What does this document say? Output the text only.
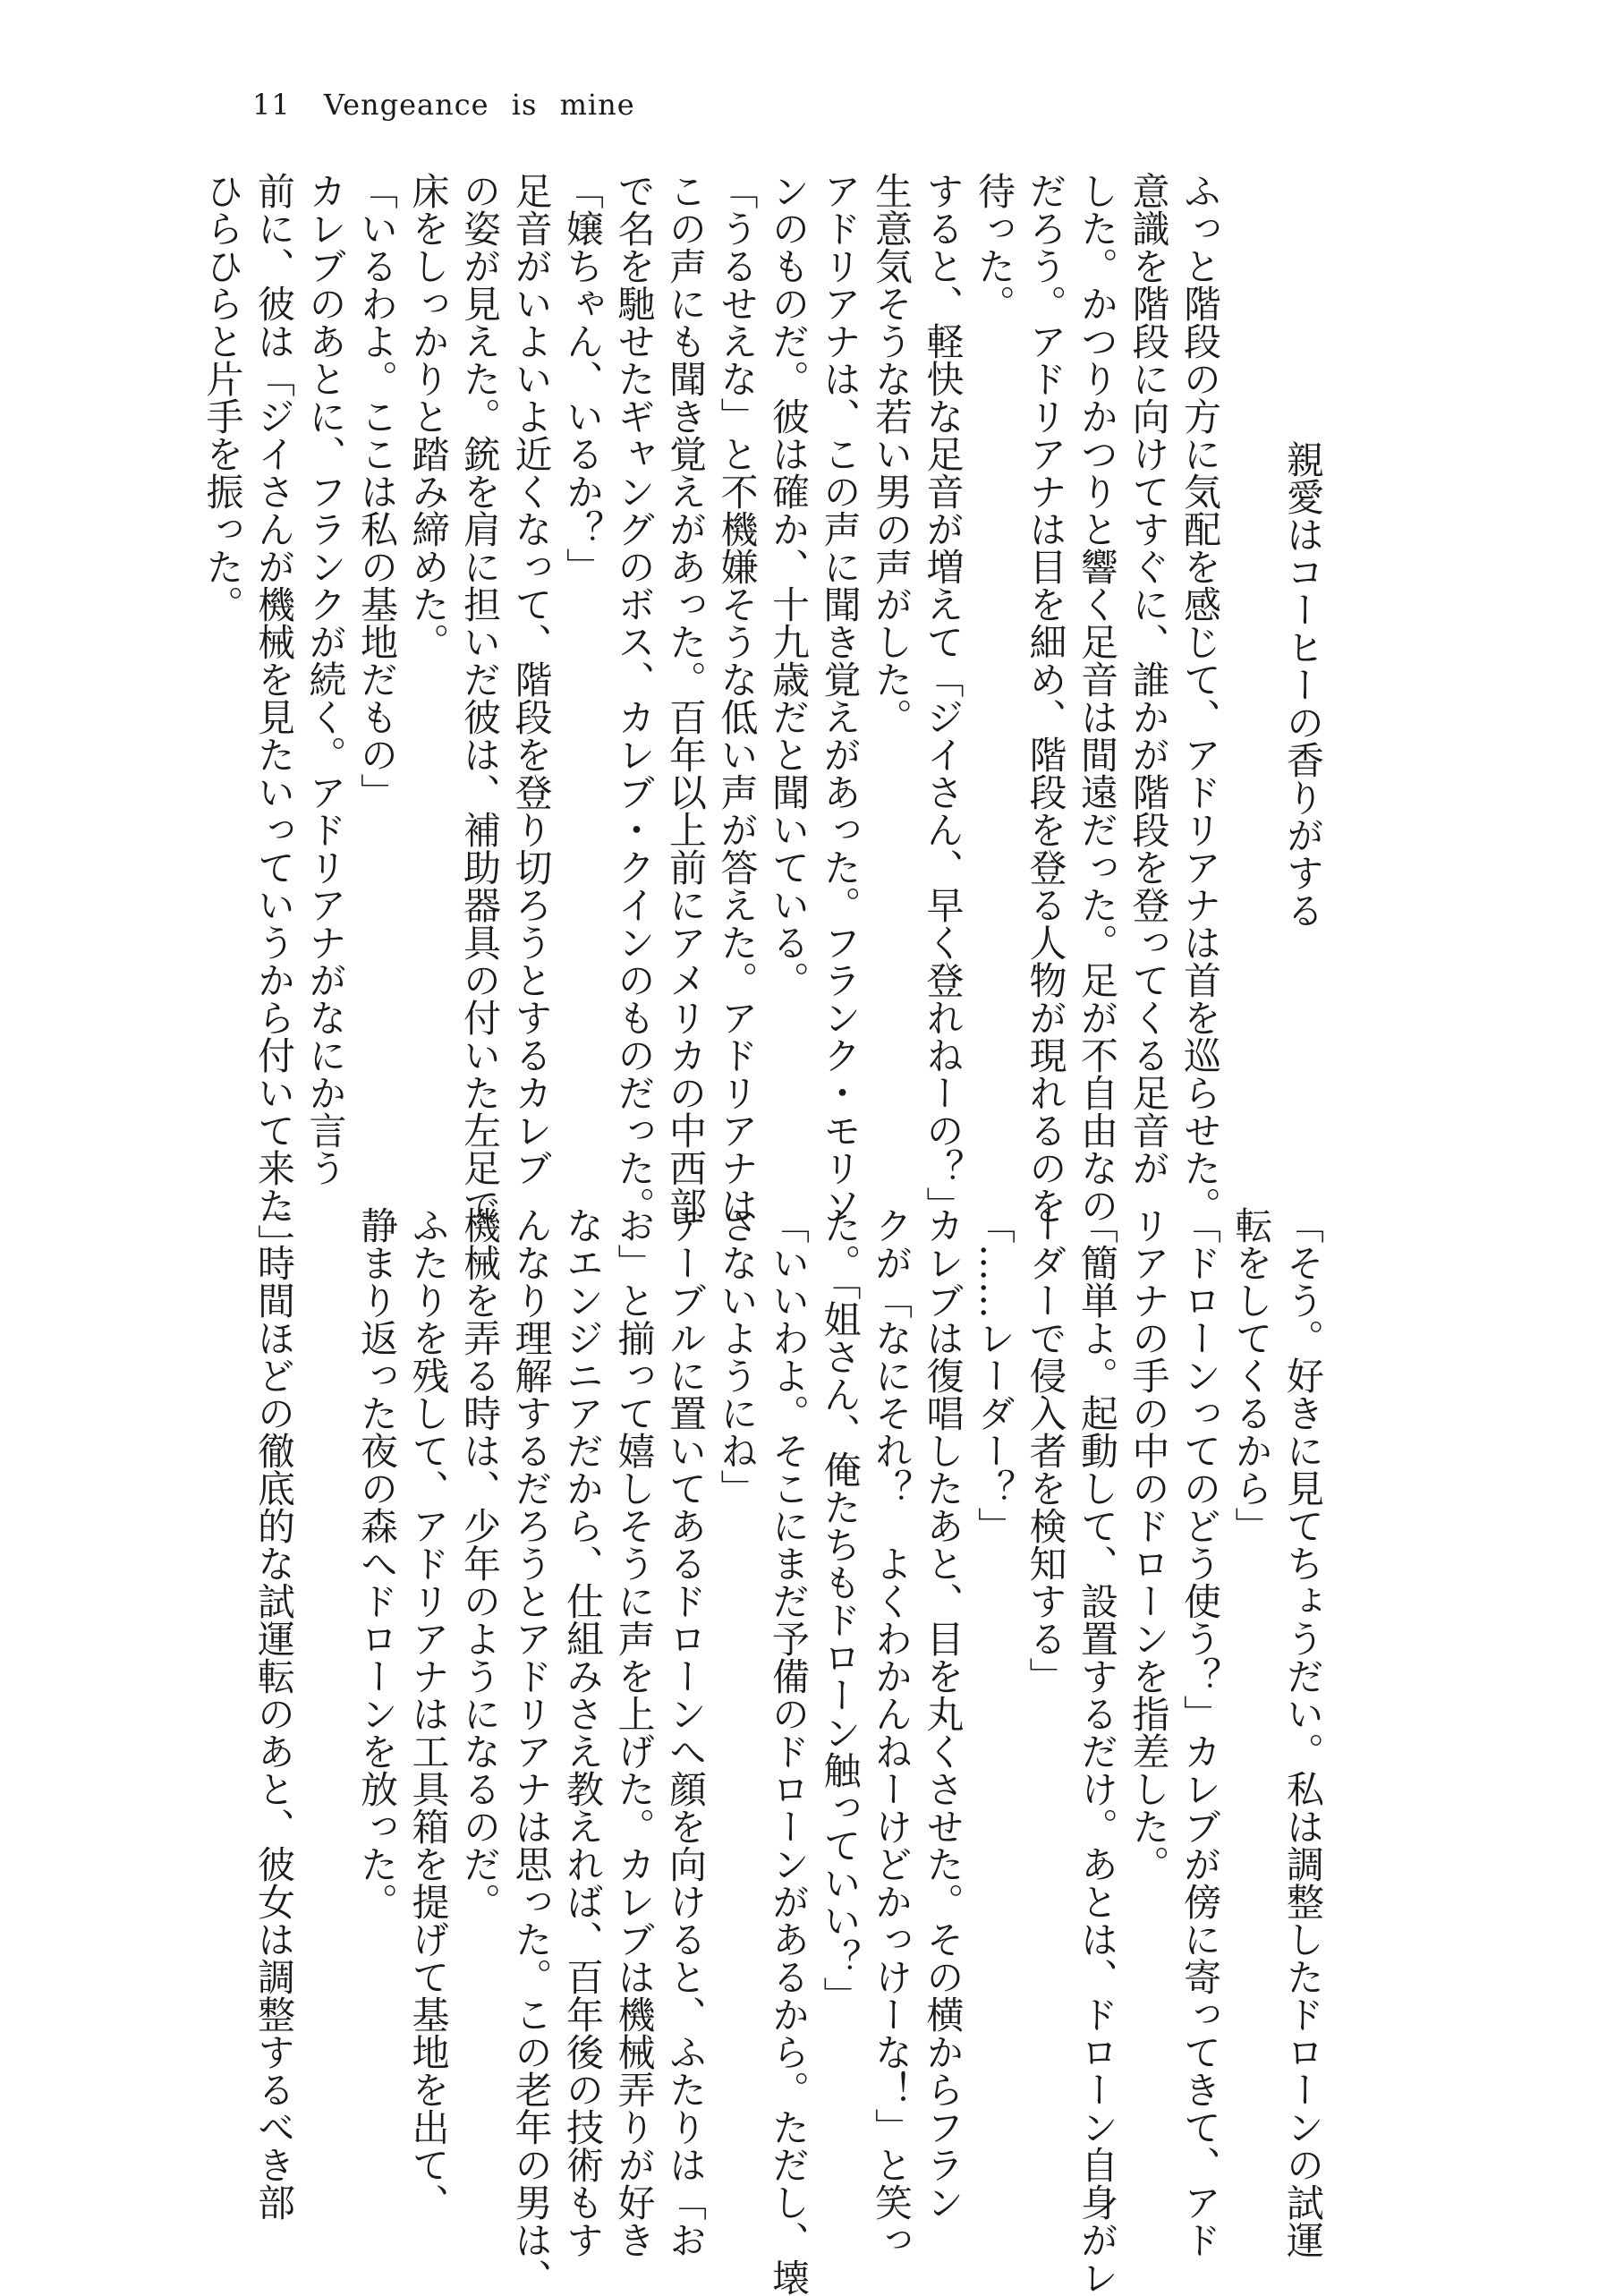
11 Vengeance is mine
親愛はコーヒーの香りがする
ふっと階段の方に気配を感じて、アドリアナは首を巡らせた。
意識を階段に向けてすぐに、誰かが階段を登ってくる足音が
した。かつりかつりと響く足音は間遠だった。足が不自由なの
だろう。アドリアナは目を細め、階段を登る人物が現れるのを
待った。
すると、軽快な足音が増えて「ジイさん、早く登れねーの？」
生意気そうな若い男の声がした。
アドリアナは、この声に聞き覚えがあった。フランク・モリソ
ンのものだ。彼は確か、十九歳だと聞いている。
「うるせえな」と不機嫌そうな低い声が答えた。アドリアナは
この声にも聞き覚えがあった。百年以上前にアメリカの中西部
で名を馳せたギャングのボス、カレブ・クインのものだった。
「嬢ちゃん、いるか？」
足音がいよいよ近くなって、階段を登り切ろうとするカレブ
の姿が見えた。銃を肩に担いだ彼は、補助器具の付いた左足で
床をしっかりと踏み締めた。
「いるわよ。ここは私の基地だもの」
カレブのあとに、フランクが続く。アドリアナがなにか言う
前に、彼は「ジイさんが機械を見たいっていうから付いて来た」
ひらひらと片手を振った。
「そう。好きに見てちょうだい。私は調整したドローンの試運
転をしてくるから」
「ドローンってのどう使う？」カレブが傍に寄ってきて、アド
リアナの手の中のドローンを指差した。
「簡単よ。起動して、設置するだけ。あとは、ドローン自身がレ
ーダーで侵入者を検知する」
「……レーダー？」
カレブは復唱したあと、目を丸くさせた。その横からフラン
クが「なにそれ？　よくわかんねーけどかっけーな！」と笑っ
た。「姐さん、俺たちもドローン触っていい？」
「いいわよ。そこにまだ予備のドローンがあるから。ただし、壊
さないようにね」
テーブルに置いてあるドローンへ顔を向けると、ふたりは「お
お」と揃って嬉しそうに声を上げた。カレブは機械弄りが好き
なエンジニアだから、仕組みさえ教えれば、百年後の技術もす
んなり理解するだろうとアドリアナは思った。この老年の男は、
機械を弄る時は、少年のようになるのだ。
ふたりを残して、アドリアナは工具箱を提げて基地を出て、
静まり返った夜の森へドローンを放った。
二時間ほどの徹底的な試運転のあと、彼女は調整するべき部
